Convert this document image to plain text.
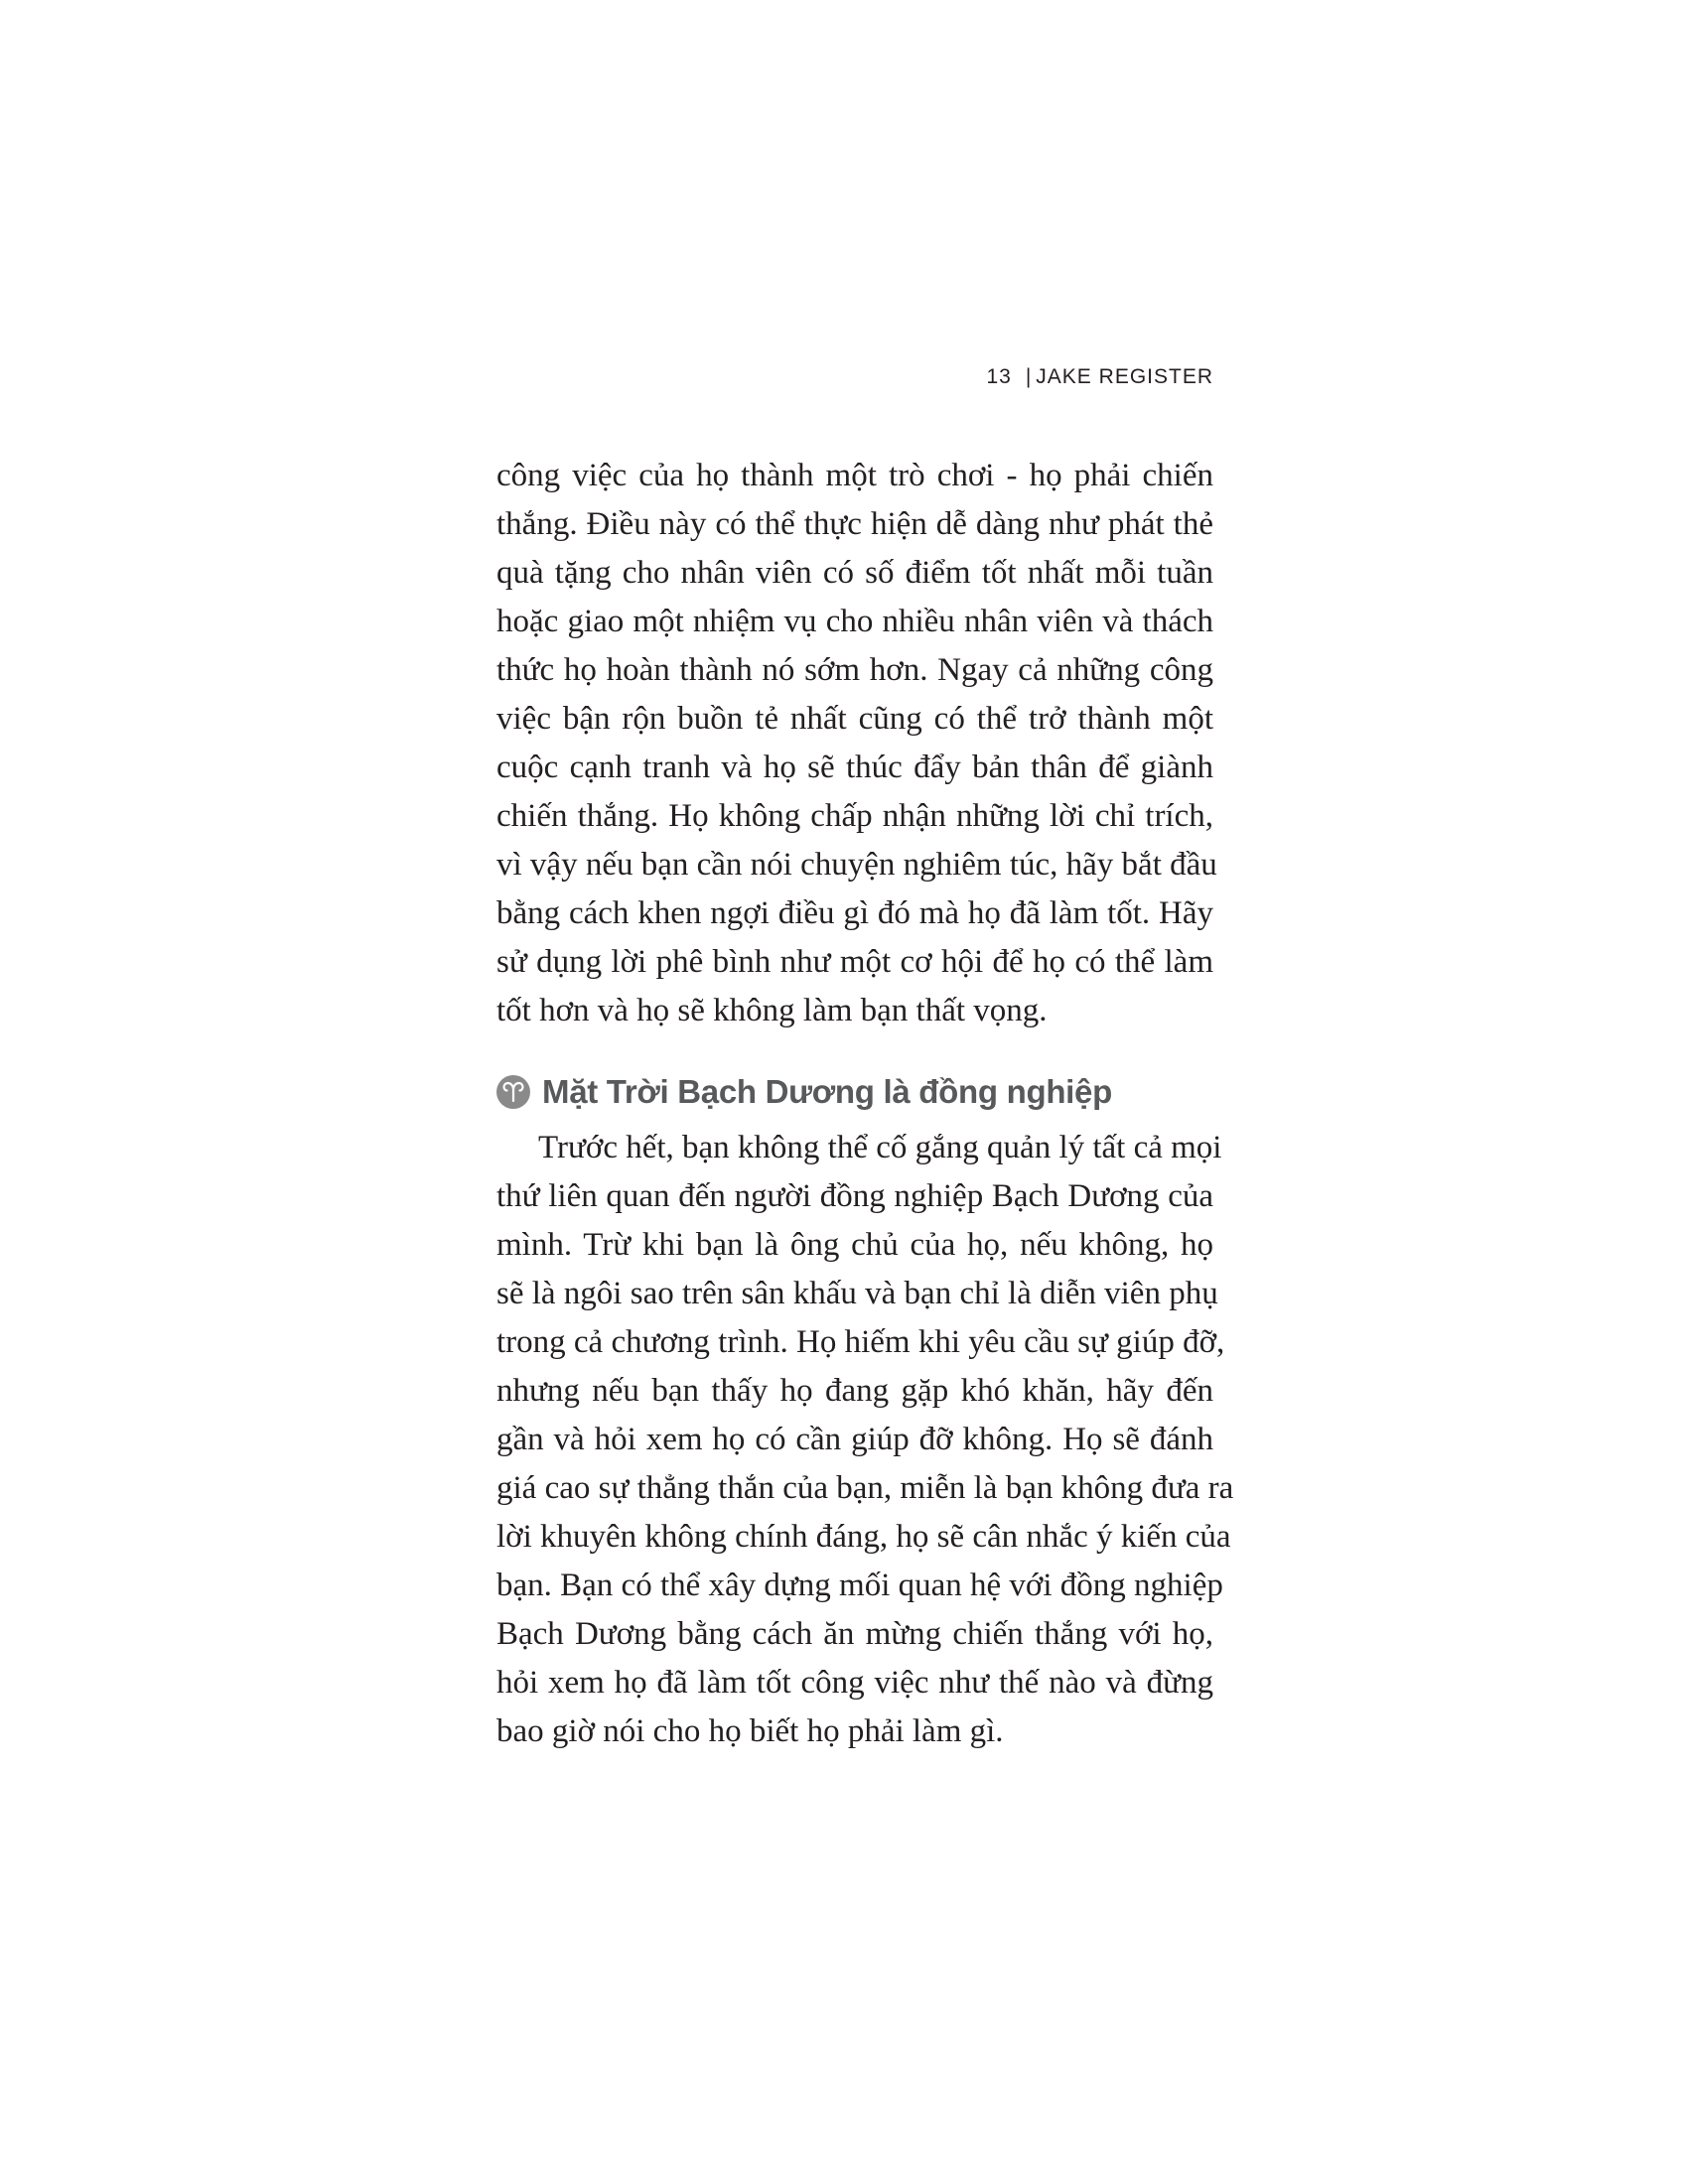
13 | JAKE REGISTER
công việc của họ thành một trò chơi - họ phải chiến
thắng. Điều này có thể thực hiện dễ dàng như phát thẻ
quà tặng cho nhân viên có số điểm tốt nhất mỗi tuần
hoặc giao một nhiệm vụ cho nhiều nhân viên và thách
thức họ hoàn thành nó sớm hơn. Ngay cả những công
việc bận rộn buồn tẻ nhất cũng có thể trở thành một
cuộc cạnh tranh và họ sẽ thúc đẩy bản thân để giành
chiến thắng. Họ không chấp nhận những lời chỉ trích,
vì vậy nếu bạn cần nói chuyện nghiêm túc, hãy bắt đầu
bằng cách khen ngợi điều gì đó mà họ đã làm tốt. Hãy
sử dụng lời phê bình như một cơ hội để họ có thể làm
tốt hơn và họ sẽ không làm bạn thất vọng.
Mặt Trời Bạch Dương là đồng nghiệp
Trước hết, bạn không thể cố gắng quản lý tất cả mọi
thứ liên quan đến người đồng nghiệp Bạch Dương của
mình. Trừ khi bạn là ông chủ của họ, nếu không, họ
sẽ là ngôi sao trên sân khấu và bạn chỉ là diễn viên phụ
trong cả chương trình. Họ hiếm khi yêu cầu sự giúp đỡ,
nhưng nếu bạn thấy họ đang gặp khó khăn, hãy đến
gần và hỏi xem họ có cần giúp đỡ không. Họ sẽ đánh
giá cao sự thẳng thắn của bạn, miễn là bạn không đưa ra
lời khuyên không chính đáng, họ sẽ cân nhắc ý kiến của
bạn. Bạn có thể xây dựng mối quan hệ với đồng nghiệp
Bạch Dương bằng cách ăn mừng chiến thắng với họ,
hỏi xem họ đã làm tốt công việc như thế nào và đừng
bao giờ nói cho họ biết họ phải làm gì.
